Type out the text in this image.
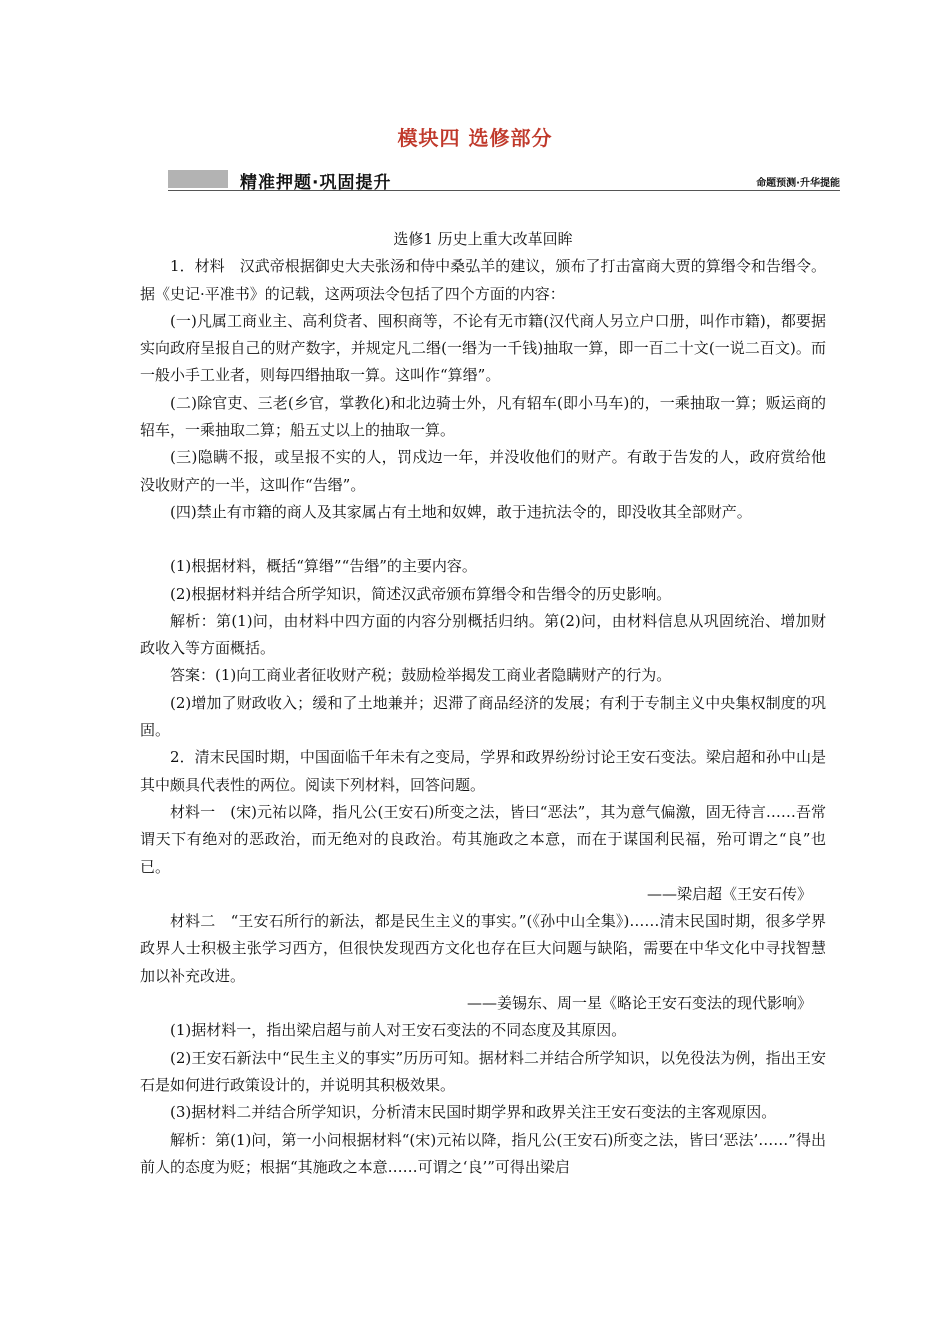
模块四 选修部分
精准押题·巩固提升	命题预测·升华提能

选修1 历史上重大改革回眸

1．材料　汉武帝根据御史大夫张汤和侍中桑弘羊的建议，颁布了打击富商大贾的算缗令和告缗令。据《史记·平准书》的记载，这两项法令包括了四个方面的内容：

(一)凡属工商业主、高利贷者、囤积商等，不论有无市籍(汉代商人另立户口册，叫作市籍)，都要据实向政府呈报自己的财产数字，并规定凡二缗(一缗为一千钱)抽取一算，即一百二十文(一说二百文)。而一般小手工业者，则每四缗抽取一算。这叫作“算缗”。

(二)除官吏、三老(乡官，掌教化)和北边骑士外，凡有轺车(即小马车)的，一乘抽取一算；贩运商的轺车，一乘抽取二算；船五丈以上的抽取一算。

(三)隐瞒不报，或呈报不实的人，罚戍边一年，并没收他们的财产。有敢于告发的人，政府赏给他没收财产的一半，这叫作“告缗”。

(四)禁止有市籍的商人及其家属占有土地和奴婢，敢于违抗法令的，即没收其全部财产。

(1)根据材料，概括“算缗”“告缗”的主要内容。

(2)根据材料并结合所学知识，简述汉武帝颁布算缗令和告缗令的历史影响。

解析：第(1)问，由材料中四方面的内容分别概括归纳。第(2)问，由材料信息从巩固统治、增加财政收入等方面概括。

答案：(1)向工商业者征收财产税；鼓励检举揭发工商业者隐瞒财产的行为。

(2)增加了财政收入；缓和了土地兼并；迟滞了商品经济的发展；有利于专制主义中央集权制度的巩固。

2．清末民国时期，中国面临千年未有之变局，学界和政界纷纷讨论王安石变法。梁启超和孙中山是其中颇具代表性的两位。阅读下列材料，回答问题。

材料一　(宋)元祐以降，指凡公(王安石)所变之法，皆曰“恶法”，其为意气偏激，固无待言……吾常谓天下有绝对的恶政治，而无绝对的良政治。苟其施政之本意，而在于谋国利民福，殆可谓之“良”也已。

——梁启超《王安石传》

材料二　“王安石所行的新法，都是民生主义的事实。”(《孙中山全集》)……清末民国时期，很多学界政界人士积极主张学习西方，但很快发现西方文化也存在巨大问题与缺陷，需要在中华文化中寻找智慧加以补充改进。

——姜锡东、周一星《略论王安石变法的现代影响》

(1)据材料一，指出梁启超与前人对王安石变法的不同态度及其原因。

(2)王安石新法中“民生主义的事实”历历可知。据材料二并结合所学知识，以免役法为例，指出王安石是如何进行政策设计的，并说明其积极效果。

(3)据材料二并结合所学知识，分析清末民国时期学界和政界关注王安石变法的主客观原因。

解析：第(1)问，第一小问根据材料“(宋)元祐以降，指凡公(王安石)所变之法，皆曰‘恶法’……”得出前人的态度为贬；根据“其施政之本意……可谓之‘良’”可得出梁启
